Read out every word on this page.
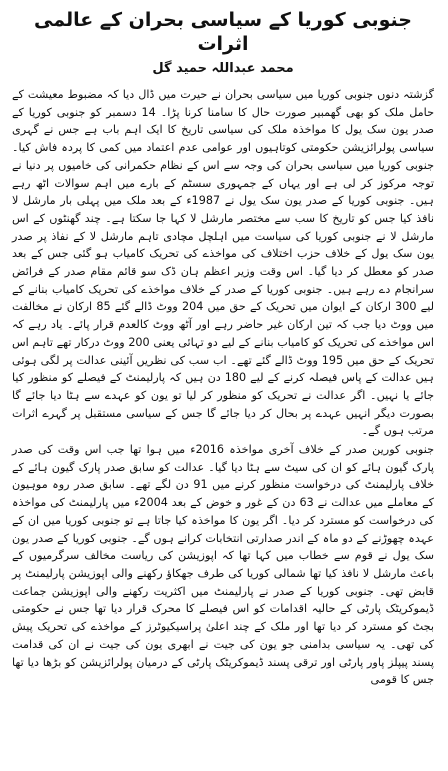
جنوبی کوریا کے سیاسی بحران کے عالمی اثرات
محمد عبداللہ حمید گل

گزشتہ دنوں جنوبی کوریا میں سیاسی بحران نے حیرت میں ڈال دیا کہ مضبوط معیشت کے حامل ملک کو بھی گھمبیر صورت حال کا سامنا کرنا پڑا۔ 14 دسمبر کو جنوبی کوریا کے صدر یون سک یول کا مواخذہ ملک کی سیاسی تاریخ کا ایک اہم باب ہے جس نے گہری سیاسی پولرائزیشن حکومتی کوتاہیوں اور عوامی عدم اعتماد میں کمی کا پردہ فاش کیا۔ جنوبی کوریا میں سیاسی بحران کی وجہ سے اس کے نظام حکمرانی کی خامیوں پر دنیا نے توجہ مرکوز کر لی ہے اور یہاں کے جمہوری سسٹم کے بارے میں اہم سوالات اٹھ رہے ہیں۔ جنوبی کوریا کے صدر یون سک یول نے 1987ء کے بعد ملک میں پہلی بار مارشل لا نافذ کیا جس کو تاریخ کا سب سے مختصر مارشل لا کہا جا سکتا ہے۔ چند گھنٹوں کے اس مارشل لا نے جنوبی کوریا کی سیاست میں اہلچل مچادی تاہم مارشل لا کے نفاذ پر صدر یون سک یول کے خلاف حزب اختلاف کی مواخذے کی تحریک کامیاب ہو گئی جس کے بعد صدر کو معطل کر دیا گیا۔ اس وقت وزیر اعظم ہان ڈک سو قائم مقام صدر کے فرائض سرانجام دے رہے ہیں۔ جنوبی کوریا کے صدر کے خلاف مواخذے کی تحریک کامیاب بنانے کے لیے 300 ارکان کے ایوان میں تحریک کے حق میں 204 ووٹ ڈالے گئے 85 ارکان نے مخالفت میں ووٹ دیا جب کہ تین ارکان غیر حاضر رہے اور آٹھ ووٹ کالعدم قرار پائے۔ یاد رہے کہ اس مواخذے کی تحریک کو کامیاب بنانے کے لیے دو تہائی یعنی 200 ووٹ درکار تھے تاہم اس تحریک کے حق میں 195 ووٹ ڈالے گئے تھے۔ اب سب کی نظریں آئینی عدالت پر لگی ہوئی ہیں عدالت کے پاس فیصلہ کرنے کے لیے 180 دن ہیں کہ پارلیمنٹ کے فیصلے کو منظور کیا جائے یا نہیں۔ اگر عدالت نے تحریک کو منظور کر لیا تو یون کو عہدے سے ہٹا دیا جائے گا بصورت دیگر انہیں عہدے پر بحال کر دیا جائے گا جس کے سیاسی مستقبل پر گہرے اثرات مرتب ہوں گے۔

جنوبی کورین صدر کے خلاف آخری مواخذہ 2016ء میں ہوا تھا جب اس وقت کی صدر پارک گیون ہائے کو ان کی سیٹ سے ہٹا دیا گیا۔ عدالت کو سابق صدر پارک گیون ہائے کے خلاف پارلیمنٹ کی درخواست منظور کرنے میں 91 دن لگے تھے۔ سابق صدر روہ موہیون کے معاملے میں عدالت نے 63 دن کے غور و خوض کے بعد 2004ء میں پارلیمنٹ کی مواخذہ کی درخواست کو مسترد کر دیا۔ اگر یون کا مواخذہ کیا جاتا ہے تو جنوبی کوریا میں ان کے عہدہ چھوڑنے کے دو ماہ کے اندر صدارتی انتخابات کرانے ہوں گے۔ جنوبی کوریا کے صدر یون سک یول نے قوم سے خطاب میں کہا تھا کہ اپوزیشن کی ریاست مخالف سرگرمیوں کے باعث مارشل لا نافذ کیا تھا شمالی کوریا کی طرف جھکاؤ رکھنے والی اپوزیشن پارلیمنٹ پر قابض تھی۔ جنوبی کوریا کے صدر نے پارلیمنٹ میں اکثریت رکھنے والی اپوزیشن جماعت ڈیموکریٹک پارٹی کے حالیہ اقدامات کو اس فیصلے کا محرک قرار دیا تھا جس نے حکومتی بجٹ کو مسترد کر دیا تھا اور ملک کے چند اعلیٰ پراسیکیوٹرز کے مواخذے کی تحریک پیش کی تھی۔ یہ سیاسی بدامنی جو یون کی جیت نے ابھری یون کی جیت نے ان کی قدامت پسند پیپلز پاور پارٹی اور ترقی پسند ڈیموکریٹک پارٹی کے درمیان پولرائزیشن کو بڑھا دیا تھا جس کا قومی
